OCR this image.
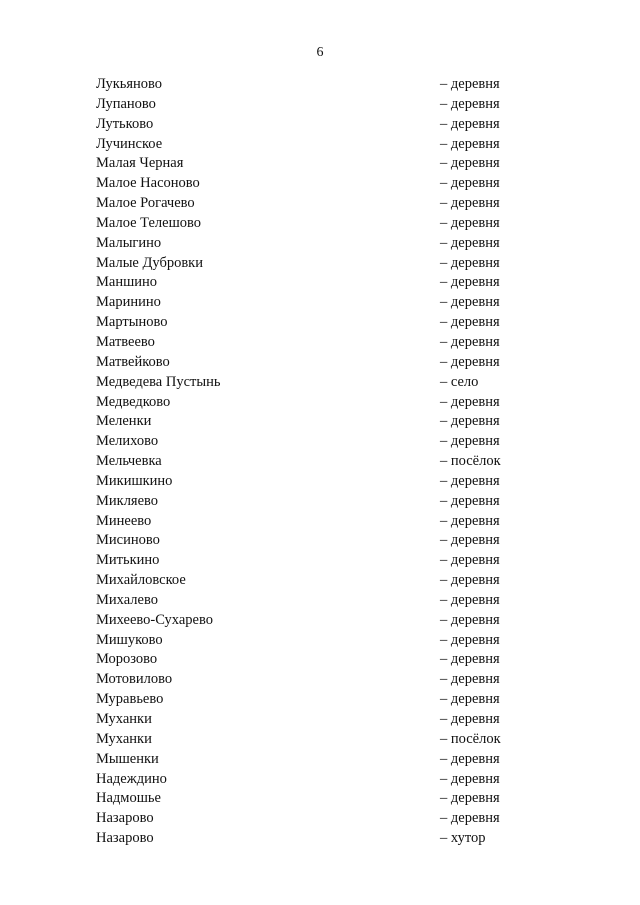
6
Лукьяново	– деревня
Лупаново	– деревня
Лутьково	– деревня
Лучинское	– деревня
Малая Черная	– деревня
Малое Насоново	– деревня
Малое Рогачево	– деревня
Малое Телешово	– деревня
Малыгино	– деревня
Малые Дубровки	– деревня
Маншино	– деревня
Маринино	– деревня
Мартыново	– деревня
Матвеево	– деревня
Матвейково	– деревня
Медведева Пустынь	– село
Медведково	– деревня
Меленки	– деревня
Мелихово	– деревня
Мельчевка	– посёлок
Микишкино	– деревня
Микляево	– деревня
Минеево	– деревня
Мисиново	– деревня
Митькино	– деревня
Михайловское	– деревня
Михалево	– деревня
Михеево-Сухарево	– деревня
Мишуково	– деревня
Морозово	– деревня
Мотовилово	– деревня
Муравьево	– деревня
Муханки	– деревня
Муханки	– посёлок
Мышенки	– деревня
Надеждино	– деревня
Надмошье	– деревня
Назарово	– деревня
Назарово	– хутор
